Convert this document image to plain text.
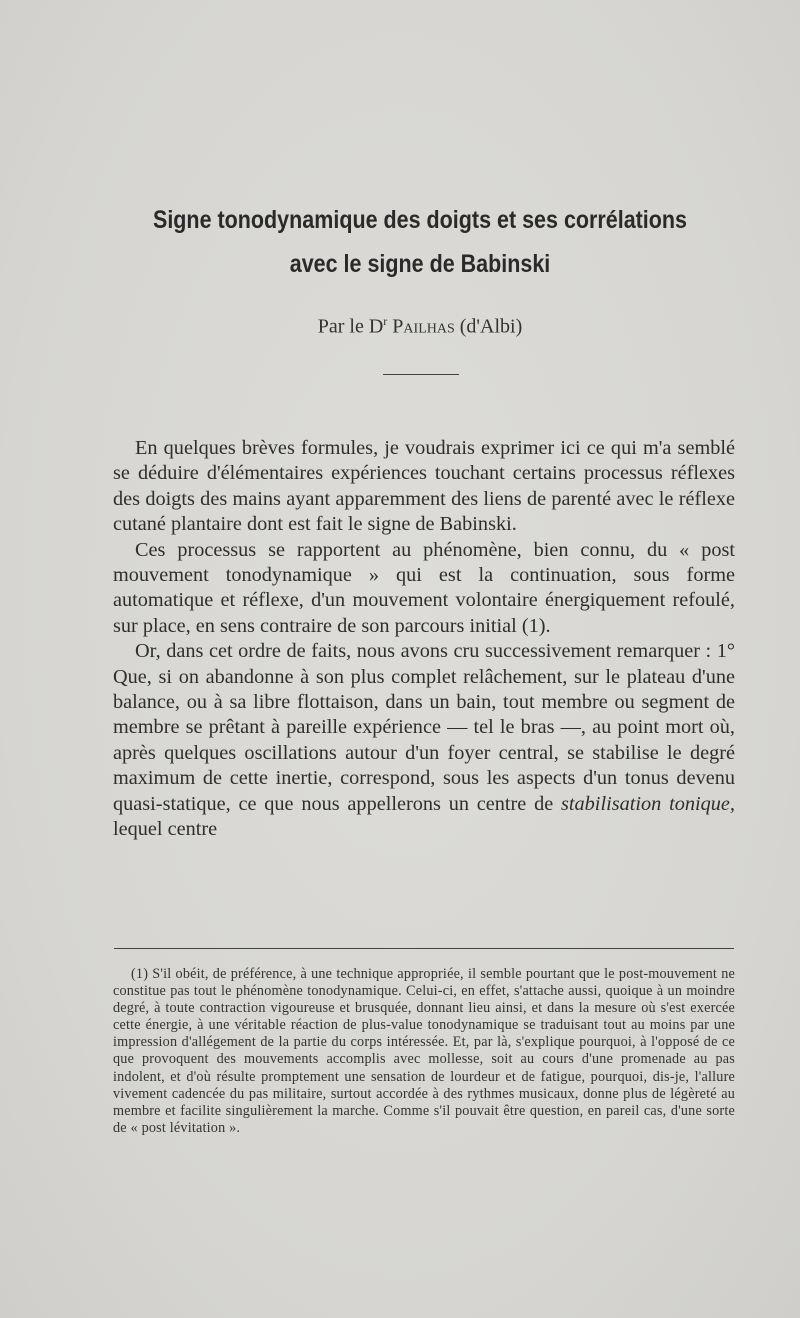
Signe tonodynamique des doigts et ses corrélations
avec le signe de Babinski
Par le $D^r$ Pailhas (d'Albi)

En quelques brèves formules, je voudrais exprimer ici ce qui m'a semblé se déduire d'élémentaires expériences touchant certains processus réflexes des doigts des mains ayant apparemment des liens de parenté avec le réflexe cutané plantaire dont est fait le signe de Babinski.

Ces processus se rapportent au phénomène, bien connu, du « post mouvement tonodynamique » qui est la continuation, sous forme automatique et réflexe, d'un mouvement volontaire énergiquement refoulé, sur place, en sens contraire de son parcours initial (1).

Or, dans cet ordre de faits, nous avons cru successivement remarquer : 1° Que, si on abandonne à son plus complet relâchement, sur le plateau d'une balance, ou à sa libre flottaison, dans un bain, tout membre ou segment de membre se prêtant à pareille expérience — tel le bras —, au point mort où, après quelques oscillations autour d'un foyer central, se stabilise le degré maximum de cette inertie, correspond, sous les aspects d'un tonus devenu quasi-statique, ce que nous appellerons un centre de stabilisation tonique, lequel centre

(1) S'il obéit, de préférence, à une technique appropriée, il semble pourtant que le post-mouvement ne constitue pas tout le phénomène tonodynamique. Celui-ci, en effet, s'attache aussi, quoique à un moindre degré, à toute contraction vigoureuse et brusquée, donnant lieu ainsi, et dans la mesure où s'est exercée cette énergie, à une véritable réaction de plus-value tonodynamique se traduisant tout au moins par une impression d'allégement de la partie du corps intéressée. Et, par là, s'explique pourquoi, à l'opposé de ce que provoquent des mouvements accomplis avec mollesse, soit au cours d'une promenade au pas indolent, et d'où résulte promptement une sensation de lourdeur et de fatigue, pourquoi, dis-je, l'allure vivement cadencée du pas militaire, surtout accordée à des rythmes musicaux, donne plus de légèreté au membre et facilite singulièrement la marche. Comme s'il pouvait être question, en pareil cas, d'une sorte de « post lévitation ».
